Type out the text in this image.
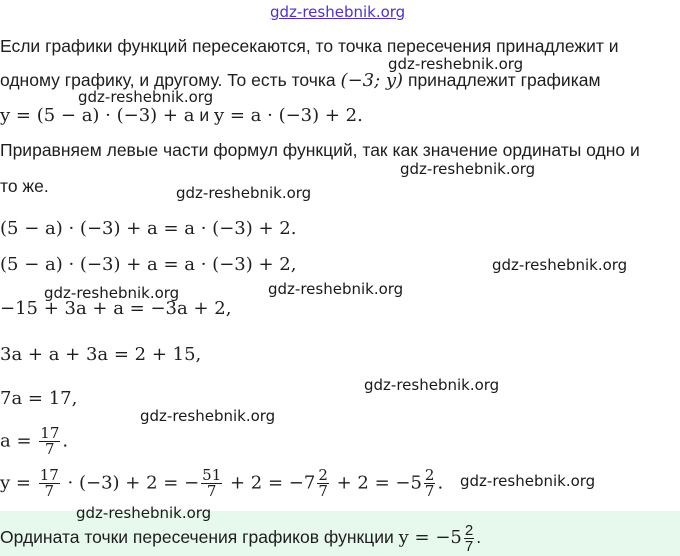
gdz-reshebnik.org
Если графики функций пересекаются, то точка пересечения принадлежит и
одному графику, и другому. То есть точка (−3; y) принадлежит графикам
y = (5 − a) · (−3) + a и y = a · (−3) + 2.
Приравняем левые части формул функций, так как значение ординаты одно и
то же.
(5 − a) · (−3) + a = a · (−3) + 2.
(5 − a) · (−3) + a = a · (−3) + 2,
−15 + 3a + a = −3a + 2,
3a + a + 3a = 2 + 15,
7a = 17,
$a = \frac{17}{7}$ .
$y = \frac{17}{7} \cdot (-3) + 2$ = − $\frac{51}{7} + 2 = -7 \frac{2}{7} + 2 = -5 \frac{2}{7}$ .
Ордината точки пересечения графиков функции $y = -5 \frac{2}{7}$ .
gdz-reshebnik.org
gdz-reshebnik.org
gdz-reshebnik.org
gdz-reshebnik.org
gdz-reshebnik.org
gdz-reshebnik.org	gdz-reshebnik.org
gdz-reshebnik.org
gdz-reshebnik.org
gdz-reshebnik.org
gdz-reshebnik.org
